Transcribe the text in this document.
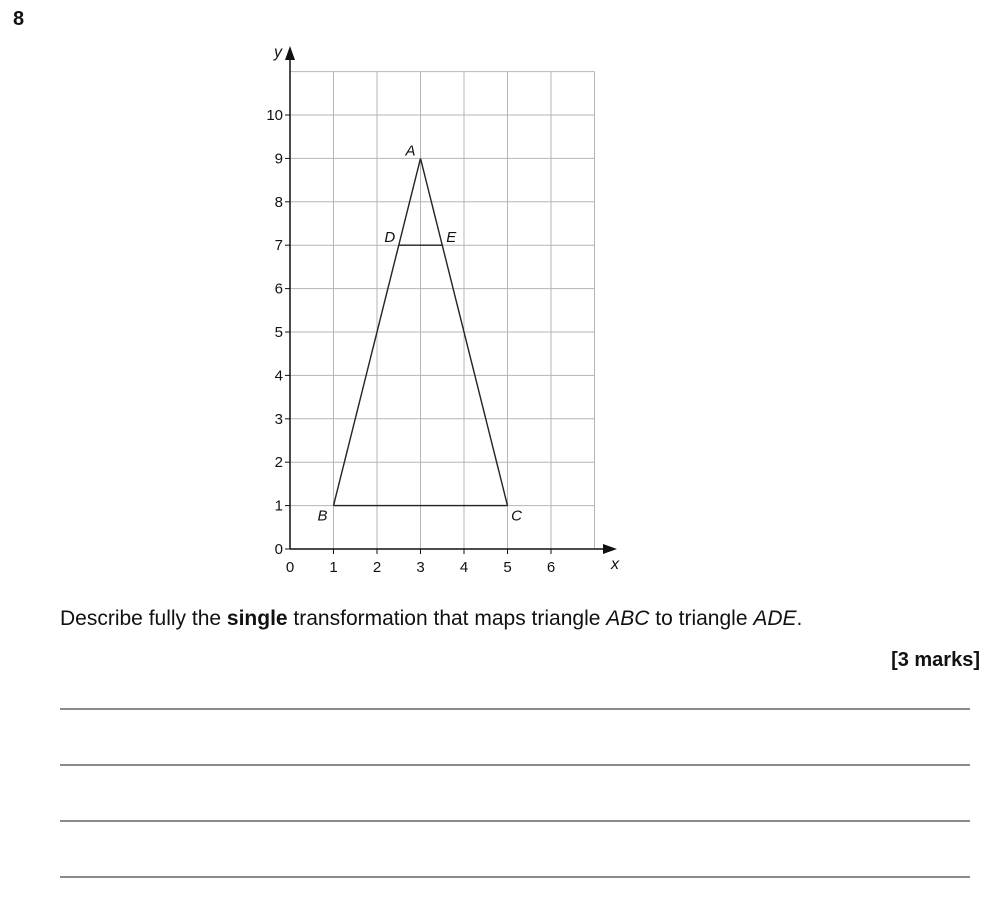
8
x
y
0 1 2 3 4 5 6
0
1
2
3
4
5
6
7
8
9
10
A
B	C
D	E
Describe fully the single transformation that maps triangle ABC to triangle ADE.
[3 marks]
